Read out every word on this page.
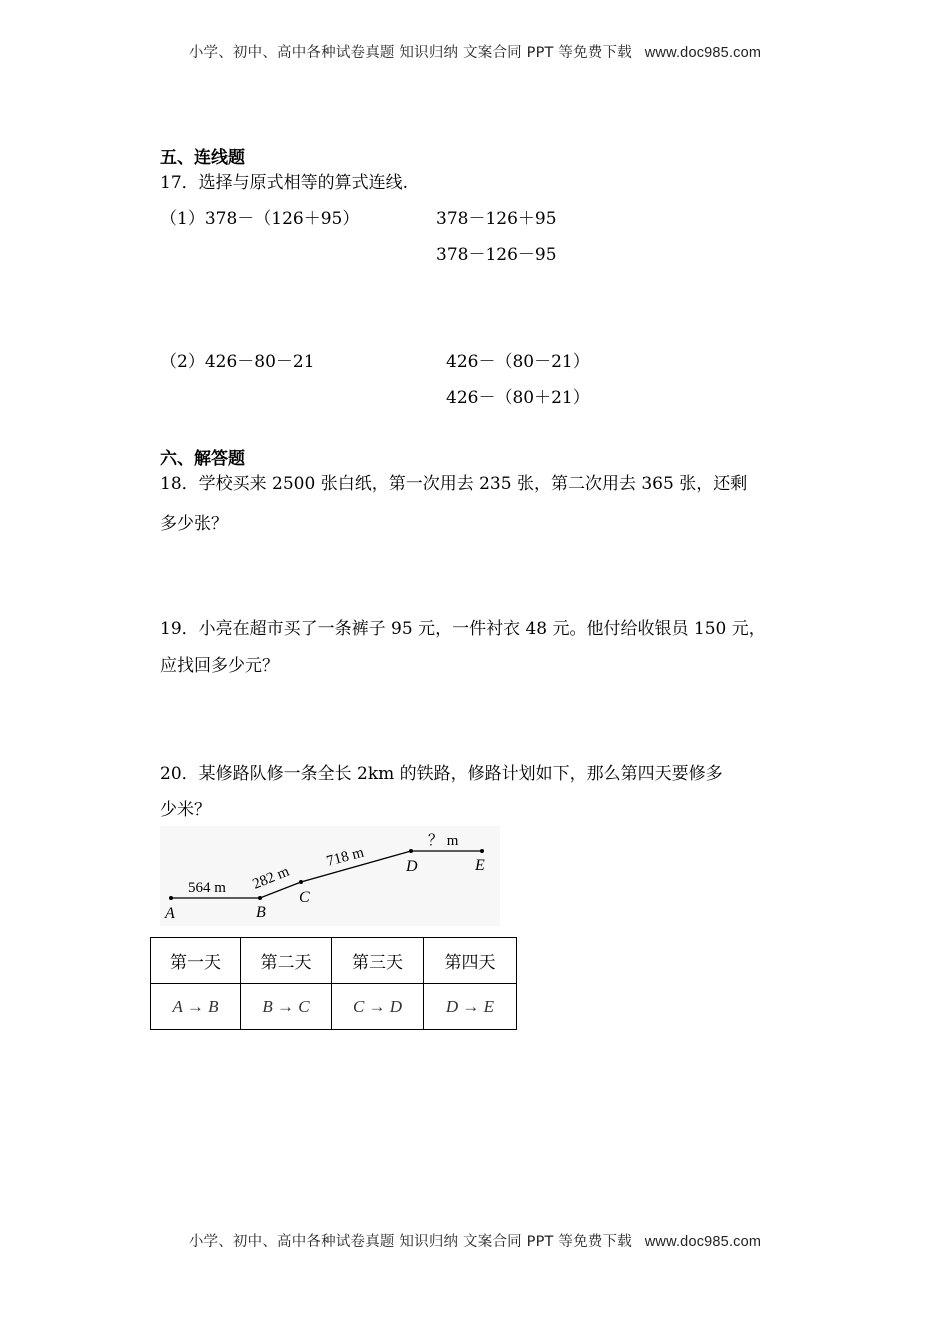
小学、初中、高中各种试卷真题 知识归纳 文案合同 PPT 等免费下载 www.doc985.com
五、连线题
17．选择与原式相等的算式连线.
（1）378－（126＋95）	378－126＋95
378－126－95
（2）426－80－21	426－（80－21）
426－（80＋21）
六、解答题
18．学校买来 2500 张白纸，第一次用去 235 张，第二次用去 365 张，还剩
多少张？
19．小亮在超市买了一条裤子 95 元，一件衬衣 48 元。他付给收银员 150 元，
应找回多少元？
20．某修路队修一条全长 2km 的铁路，修路计划如下，那么第四天要修多
少米？
564 m 282 m
718 m
？ m
A	B
C
D	E
第一天	第二天	第三天	第四天
A → B	B → C	C → D	D → E
小学、初中、高中各种试卷真题 知识归纳 文案合同 PPT 等免费下载 www.doc985.com
